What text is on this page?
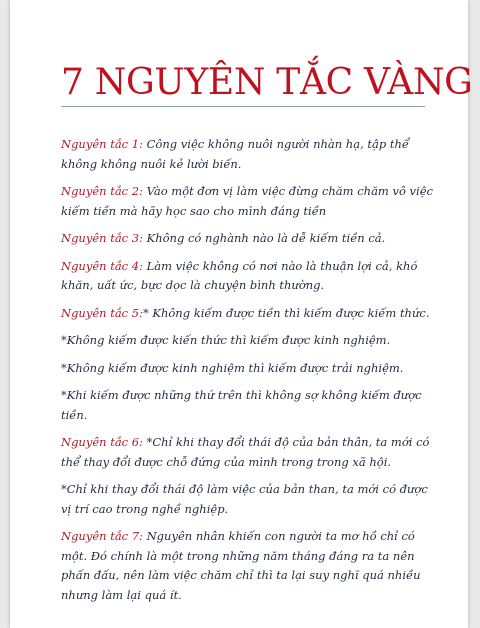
7 NGUYÊN TẮC VÀNG

Nguyên tắc 1: Công việc không nuôi người nhàn hạ, tập thể không không nuôi kẻ lười biến.

Nguyên tắc 2: Vào một đơn vị làm việc đừng chăm chăm vô việc kiếm tiền mà hãy học sao cho mình đáng tiền

Nguyên tắc 3: Không có nghành nào là dễ kiếm tiền cả.

Nguyên tắc 4: Làm việc không có nơi nào là thuận lợi cả, khó khăn, uất ức, bực dọc là chuyện bình thường.

Nguyên tắc 5:* Không kiếm được tiền thì kiếm được kiếm thức.

*Không kiếm được kiến thức thì kiếm được kinh nghiệm.

*Không kiếm được kinh nghiệm thì kiếm được trải nghiệm.

*Khi kiếm được những thứ trên thì không sợ không kiếm được tiền.

Nguyên tắc 6: *Chỉ khi thay đổi thái độ của bản thân, ta mới có thể thay đổi được chỗ đứng của mình trong trong xã hội.

*Chỉ khi thay đổi thái độ làm việc của bản than, ta mới có được vị trí cao trong nghề nghiệp.

Nguyên tắc 7: Nguyên nhân khiến con người ta mơ hồ chỉ có một. Đó chính là một trong những năm tháng đáng ra ta nên phấn đấu, nên làm việc chăm chỉ thì ta lại suy nghĩ quá nhiều nhưng làm lại quá ít.
